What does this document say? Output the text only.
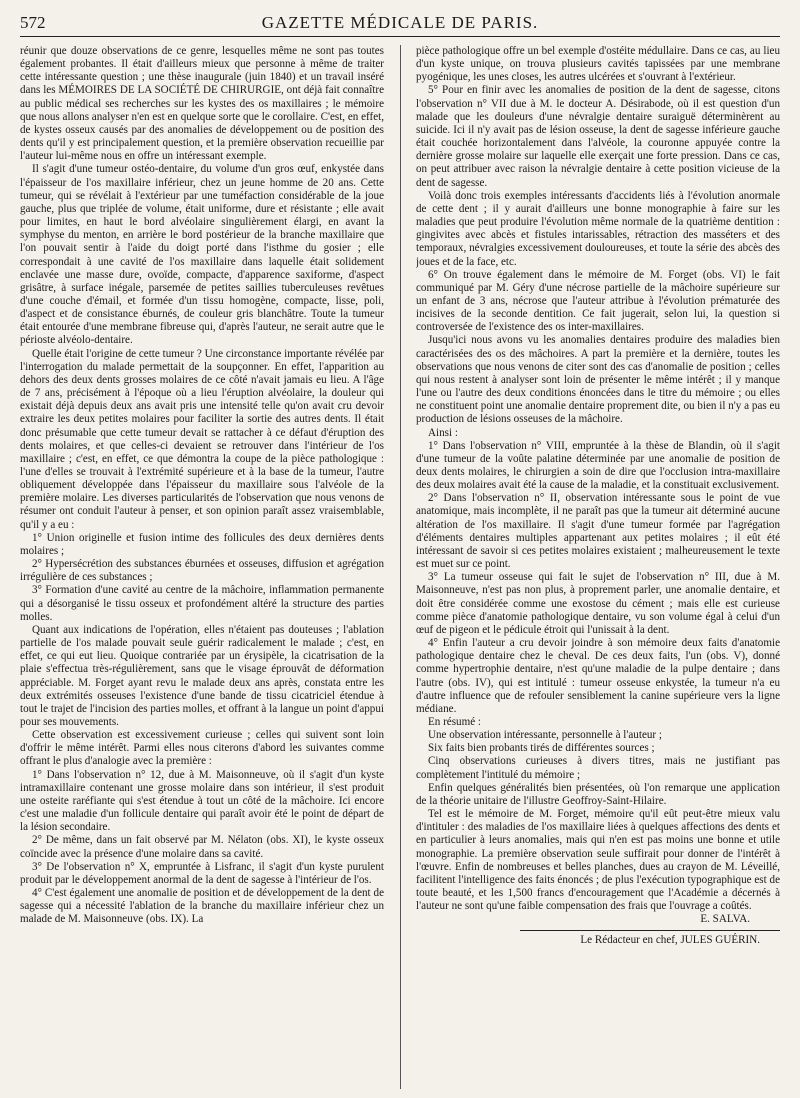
572	GAZETTE MÉDICALE DE PARIS.

réunir que douze observations de ce genre, lesquelles même ne sont pas toutes également probantes. Il était d'ailleurs mieux que personne à même de traiter cette intéressante question ; une thèse inaugurale (juin 1840) et un travail inséré dans les MÉMOIRES DE LA SOCIÉTÉ DE CHIRURGIE, ont déjà fait connaître au public médical ses recherches sur les kystes des os maxillaires ; le mémoire que nous allons analyser n'en est en quelque sorte que le corollaire. C'est, en effet, de kystes osseux causés par des anomalies de développement ou de position des dents qu'il y est principalement question, et la première observation recueillie par l'auteur lui-même nous en offre un intéressant exemple.

Il s'agit d'une tumeur ostéo-dentaire, du volume d'un gros œuf, enkystée dans l'épaisseur de l'os maxillaire inférieur, chez un jeune homme de 20 ans. Cette tumeur, qui se révélait à l'extérieur par une tuméfaction considérable de la joue gauche, plus que triplée de volume, était uniforme, dure et résistante ; elle avait pour limites, en haut le bord alvéolaire singulièrement élargi, en avant la symphyse du menton, en arrière le bord postérieur de la branche maxillaire que l'on pouvait sentir à l'aide du doigt porté dans l'isthme du gosier ; elle correspondait à une cavité de l'os maxillaire dans laquelle était solidement enclavée une masse dure, ovoïde, compacte, d'apparence saxiforme, d'aspect grisâtre, à surface inégale, parsemée de petites saillies tuberculeuses revêtues d'une couche d'émail, et formée d'un tissu homogène, compacte, lisse, poli, d'aspect et de consistance éburnés, de couleur gris blanchâtre. Toute la tumeur était entourée d'une membrane fibreuse qui, d'après l'auteur, ne serait autre que le périoste alvéolo-dentaire.

Quelle était l'origine de cette tumeur ? Une circonstance importante révélée par l'interrogation du malade permettait de la soupçonner. En effet, l'apparition au dehors des deux dents grosses molaires de ce côté n'avait jamais eu lieu. A l'âge de 7 ans, précisément à l'époque où a lieu l'éruption alvéolaire, la douleur qui existait déjà depuis deux ans avait pris une intensité telle qu'on avait cru devoir extraire les deux petites molaires pour faciliter la sortie des autres dents. Il était donc présumable que cette tumeur devait se rattacher à ce défaut d'éruption des dents molaires, et que celles-ci devaient se retrouver dans l'intérieur de l'os maxillaire ; c'est, en effet, ce que démontra la coupe de la pièce pathologique : l'une d'elles se trouvait à l'extrémité supérieure et à la base de la tumeur, l'autre obliquement développée dans l'épaisseur du maxillaire sous l'alvéole de la première molaire. Les diverses particularités de l'observation que nous venons de résumer ont conduit l'auteur à penser, et son opinion paraît assez vraisemblable, qu'il y a eu :

1° Union originelle et fusion intime des follicules des deux dernières dents molaires ;

2° Hypersécrétion des substances éburnées et osseuses, diffusion et agrégation irrégulière de ces substances ;

3° Formation d'une cavité au centre de la mâchoire, inflammation permanente qui a désorganisé le tissu osseux et profondément altéré la structure des parties molles.

Quant aux indications de l'opération, elles n'étaient pas douteuses ; l'ablation partielle de l'os malade pouvait seule guérir radicalement le malade ; c'est, en effet, ce qui eut lieu. Quoique contrariée par un érysipèle, la cicatrisation de la plaie s'effectua très-régulièrement, sans que le visage éprouvât de déformation appréciable. M. Forget ayant revu le malade deux ans après, constata entre les deux extrémités osseuses l'existence d'une bande de tissu cicatriciel étendue à tout le trajet de l'incision des parties molles, et offrant à la langue un point d'appui pour ses mouvements.

Cette observation est excessivement curieuse ; celles qui suivent sont loin d'offrir le même intérêt. Parmi elles nous citerons d'abord les suivantes comme offrant le plus d'analogie avec la première :

1° Dans l'observation n° 12, due à M. Maisonneuve, où il s'agit d'un kyste intramaxillaire contenant une grosse molaire dans son intérieur, il s'est produit une osteite raréfiante qui s'est étendue à tout un côté de la mâchoire. Ici encore c'est une maladie d'un follicule dentaire qui paraît avoir été le point de départ de la lésion secondaire.

2° De même, dans un fait observé par M. Nélaton (obs. XI), le kyste osseux coïncide avec la présence d'une molaire dans sa cavité.

3° De l'observation n° X, empruntée à Lisfranc, il s'agit d'un kyste purulent produit par le développement anormal de la dent de sagesse à l'intérieur de l'os.

4° C'est également une anomalie de position et de développement de la dent de sagesse qui a nécessité l'ablation de la branche du maxillaire inférieur chez un malade de M. Maisonneuve (obs. IX). La

pièce pathologique offre un bel exemple d'ostéite médullaire. Dans ce cas, au lieu d'un kyste unique, on trouva plusieurs cavités tapissées par une membrane pyogénique, les unes closes, les autres ulcérées et s'ouvrant à l'extérieur.

5° Pour en finir avec les anomalies de position de la dent de sagesse, citons l'observation n° VII due à M. le docteur A. Désirabode, où il est question d'un malade que les douleurs d'une névralgie dentaire suraiguë déterminèrent au suicide. Ici il n'y avait pas de lésion osseuse, la dent de sagesse inférieure gauche était couchée horizontalement dans l'alvéole, la couronne appuyée contre la dernière grosse molaire sur laquelle elle exerçait une forte pression. Dans ce cas, on peut attribuer avec raison la névralgie dentaire à cette position vicieuse de la dent de sagesse.

Voilà donc trois exemples intéressants d'accidents liés à l'évolution anormale de cette dent ; il y aurait d'ailleurs une bonne monographie à faire sur les maladies que peut produire l'évolution même normale de la quatrième dentition : gingivites avec abcès et fistules intarissables, rétraction des masséters et des temporaux, névralgies excessivement douloureuses, et toute la série des abcès des joues et de la face, etc.

6° On trouve également dans le mémoire de M. Forget (obs. VI) le fait communiqué par M. Géry d'une nécrose partielle de la mâchoire supérieure sur un enfant de 3 ans, nécrose que l'auteur attribue à l'évolution prématurée des incisives de la seconde dentition. Ce fait jugerait, selon lui, la question si controversée de l'existence des os inter-maxillaires.

Jusqu'ici nous avons vu les anomalies dentaires produire des maladies bien caractérisées des os des mâchoires. A part la première et la dernière, toutes les observations que nous venons de citer sont des cas d'anomalie de position ; celles qui nous restent à analyser sont loin de présenter le même intérêt ; il y manque l'une ou l'autre des deux conditions énoncées dans le titre du mémoire ; ou elles ne constituent point une anomalie dentaire proprement dite, ou bien il n'y a pas eu production de lésions osseuses de la mâchoire.

Ainsi :

1° Dans l'observation n° VIII, empruntée à la thèse de Blandin, où il s'agit d'une tumeur de la voûte palatine déterminée par une anomalie de position de deux dents molaires, le chirurgien a soin de dire que l'occlusion intra-maxillaire des deux molaires avait été la cause de la maladie, et la constituait exclusivement.

2° Dans l'observation n° II, observation intéressante sous le point de vue anatomique, mais incomplète, il ne paraît pas que la tumeur ait déterminé aucune altération de l'os maxillaire. Il s'agit d'une tumeur formée par l'agrégation d'éléments dentaires multiples appartenant aux petites molaires ; il eût été intéressant de savoir si ces petites molaires existaient ; malheureusement le texte est muet sur ce point.

3° La tumeur osseuse qui fait le sujet de l'observation n° III, due à M. Maisonneuve, n'est pas non plus, à proprement parler, une anomalie dentaire, et doit être considérée comme une exostose du cément ; mais elle est curieuse comme pièce d'anatomie pathologique dentaire, vu son volume égal à celui d'un œuf de pigeon et le pédicule étroit qui l'unissait à la dent.

4° Enfin l'auteur a cru devoir joindre à son mémoire deux faits d'anatomie pathologique dentaire chez le cheval. De ces deux faits, l'un (obs. V), donné comme hypertrophie dentaire, n'est qu'une maladie de la pulpe dentaire ; dans l'autre (obs. IV), qui est intitulé : tumeur osseuse enkystée, la tumeur n'a eu d'autre influence que de refouler sensiblement la canine supérieure vers la ligne médiane.

En résumé :

Une observation intéressante, personnelle à l'auteur ;

Six faits bien probants tirés de différentes sources ;

Cinq observations curieuses à divers titres, mais ne justifiant pas complètement l'intitulé du mémoire ;

Enfin quelques généralités bien présentées, où l'on remarque une application de la théorie unitaire de l'illustre Geoffroy-Saint-Hilaire.

Tel est le mémoire de M. Forget, mémoire qu'il eût peut-être mieux valu d'intituler : des maladies de l'os maxillaire liées à quelques affections des dents et en particulier à leurs anomalies, mais qui n'en est pas moins une bonne et utile monographie. La première observation seule suffirait pour donner de l'intérêt à l'œuvre. Enfin de nombreuses et belles planches, dues au crayon de M. Léveillé, facilitent l'intelligence des faits énoncés ; de plus l'exécution typographique est de toute beauté, et les 1,500 francs d'encouragement que l'Académie a décernés à l'auteur ne sont qu'une faible compensation des frais que l'ouvrage a coûtés.

E. SALVA.
Le Rédacteur en chef, JULES GUÉRIN.
